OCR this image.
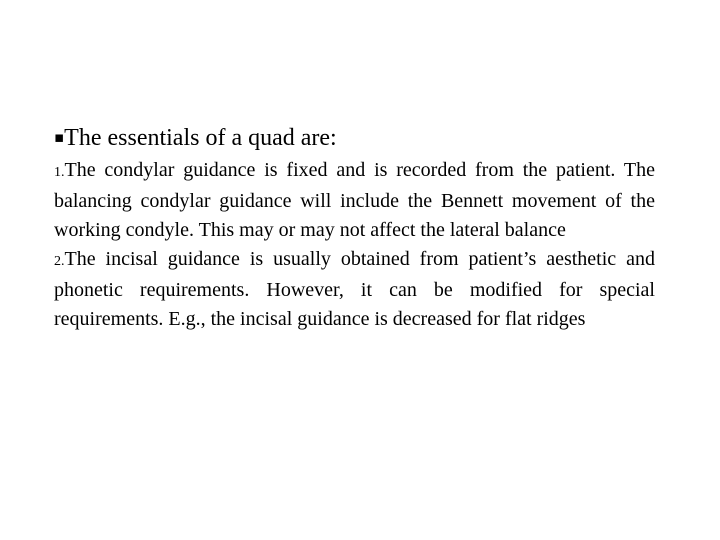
▪The essentials of a quad are:

1.The condylar guidance is fixed and is recorded from the patient. The balancing condylar guidance will include the Bennett movement of the working condyle. This may or may not affect the lateral balance

2.The incisal guidance is usually obtained from patient’s aesthetic and phonetic requirements. However, it can be modified for special requirements. E.g., the incisal guidance is decreased for flat ridges
